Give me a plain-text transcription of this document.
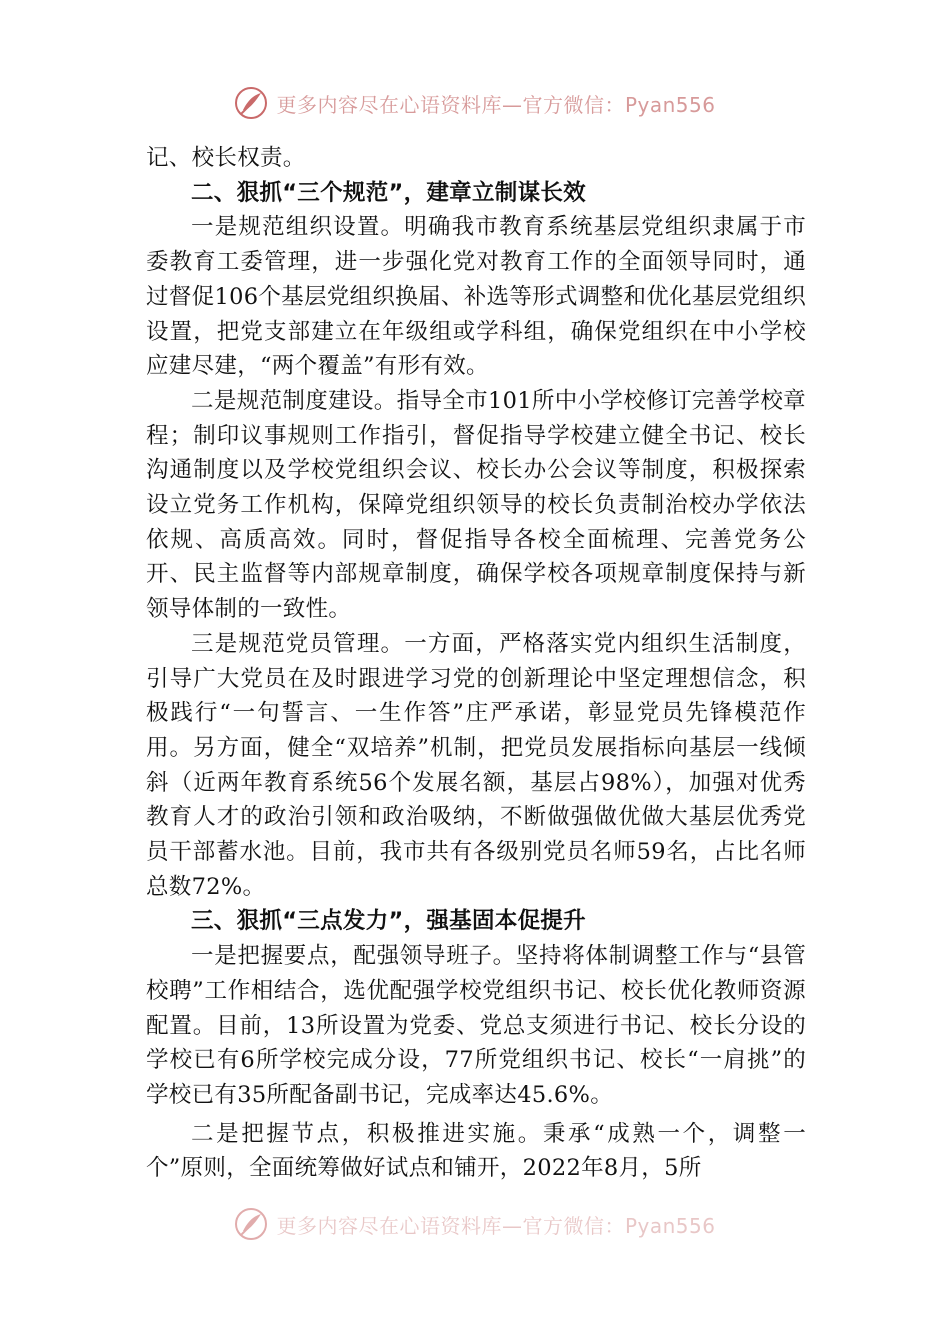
更多内容尽在心语资料库—官方微信：Pyan556

记、校长权责。

二、狠抓“三个规范”，建章立制谋长效

一是规范组织设置。明确我市教育系统基层党组织隶属于市委教育工委管理，进一步强化党对教育工作的全面领导同时，通过督促106个基层党组织换届、补选等形式调整和优化基层党组织设置，把党支部建立在年级组或学科组，确保党组织在中小学校应建尽建，“两个覆盖”有形有效。

二是规范制度建设。指导全市101所中小学校修订完善学校章程；制印议事规则工作指引，督促指导学校建立健全书记、校长沟通制度以及学校党组织会议、校长办公会议等制度，积极探索设立党务工作机构，保障党组织领导的校长负责制治校办学依法依规、高质高效。同时，督促指导各校全面梳理、完善党务公开、民主监督等内部规章制度，确保学校各项规章制度保持与新领导体制的一致性。

三是规范党员管理。一方面，严格落实党内组织生活制度，引导广大党员在及时跟进学习党的创新理论中坚定理想信念，积极践行“一句誓言、一生作答”庄严承诺，彰显党员先锋模范作用。另方面，健全“双培养”机制，把党员发展指标向基层一线倾斜（近两年教育系统56个发展名额，基层占98%），加强对优秀教育人才的政治引领和政治吸纳，不断做强做优做大基层优秀党员干部蓄水池。目前，我市共有各级别党员名师59名，占比名师总数72%。

三、狠抓“三点发力”，强基固本促提升

一是把握要点，配强领导班子。坚持将体制调整工作与“县管校聘”工作相结合，选优配强学校党组织书记、校长优化教师资源配置。目前，13所设置为党委、党总支须进行书记、校长分设的学校已有6所学校完成分设，77所党组织书记、校长“一肩挑”的学校已有35所配备副书记，完成率达45.6%。

二是把握节点，积极推进实施。秉承“成熟一个，调整一个”原则，全面统筹做好试点和铺开，2022年8月，5所

更多内容尽在心语资料库—官方微信：Pyan556
